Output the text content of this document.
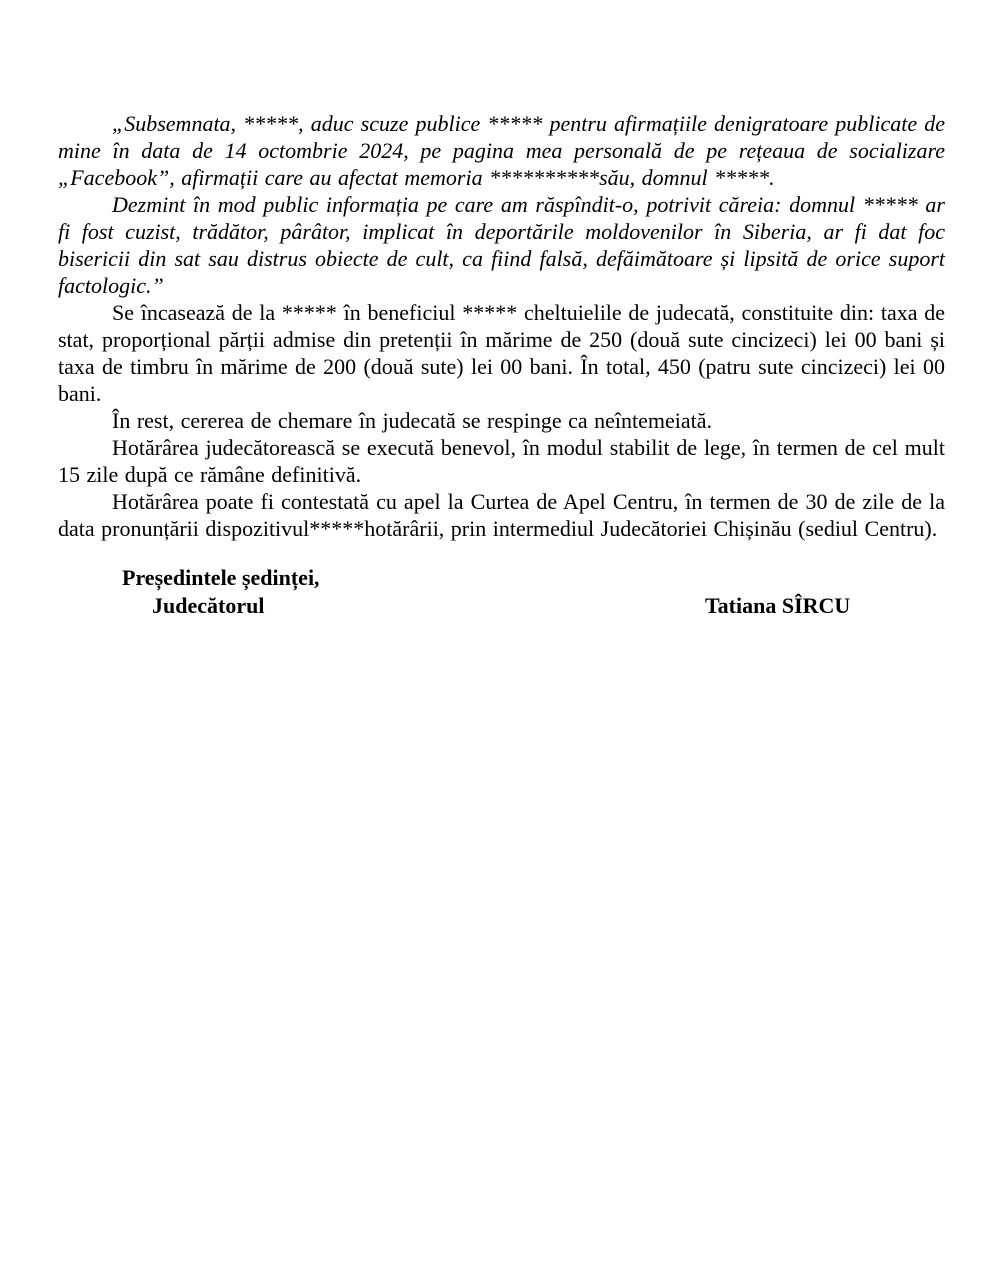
„Subsemnata, *****, aduc scuze publice ***** pentru afirmațiile denigratoare publicate de mine în data de 14 octombrie 2024, pe pagina mea personală de pe rețeaua de socializare „Facebook”, afirmații care au afectat memoria **********său, domnul *****.

Dezmint în mod public informația pe care am răspîndit-o, potrivit căreia: domnul ***** ar fi fost cuzist, trădător, pârâtor, implicat în deportările moldovenilor în Siberia, ar fi dat foc bisericii din sat sau distrus obiecte de cult, ca fiind falsă, defăimătoare și lipsită de orice suport factologic.”

Se încasează de la ***** în beneficiul ***** cheltuielile de judecată, constituite din: taxa de stat, proporțional părții admise din pretenții în mărime de 250 (două sute cincizeci) lei 00 bani și taxa de timbru în mărime de 200 (două sute) lei 00 bani. În total, 450 (patru sute cincizeci) lei 00 bani.

În rest, cererea de chemare în judecată se respinge ca neîntemeiată.

Hotărârea judecătorească se execută benevol, în modul stabilit de lege, în termen de cel mult 15 zile după ce rămâne definitivă.

Hotărârea poate fi contestată cu apel la Curtea de Apel Centru, în termen de 30 de zile de la data pronunțării dispozitivul*****hotărârii, prin intermediul Judecătoriei Chișinău (sediul Centru).

Președintele ședinței,

Judecătorul	Tatiana SÎRCU
